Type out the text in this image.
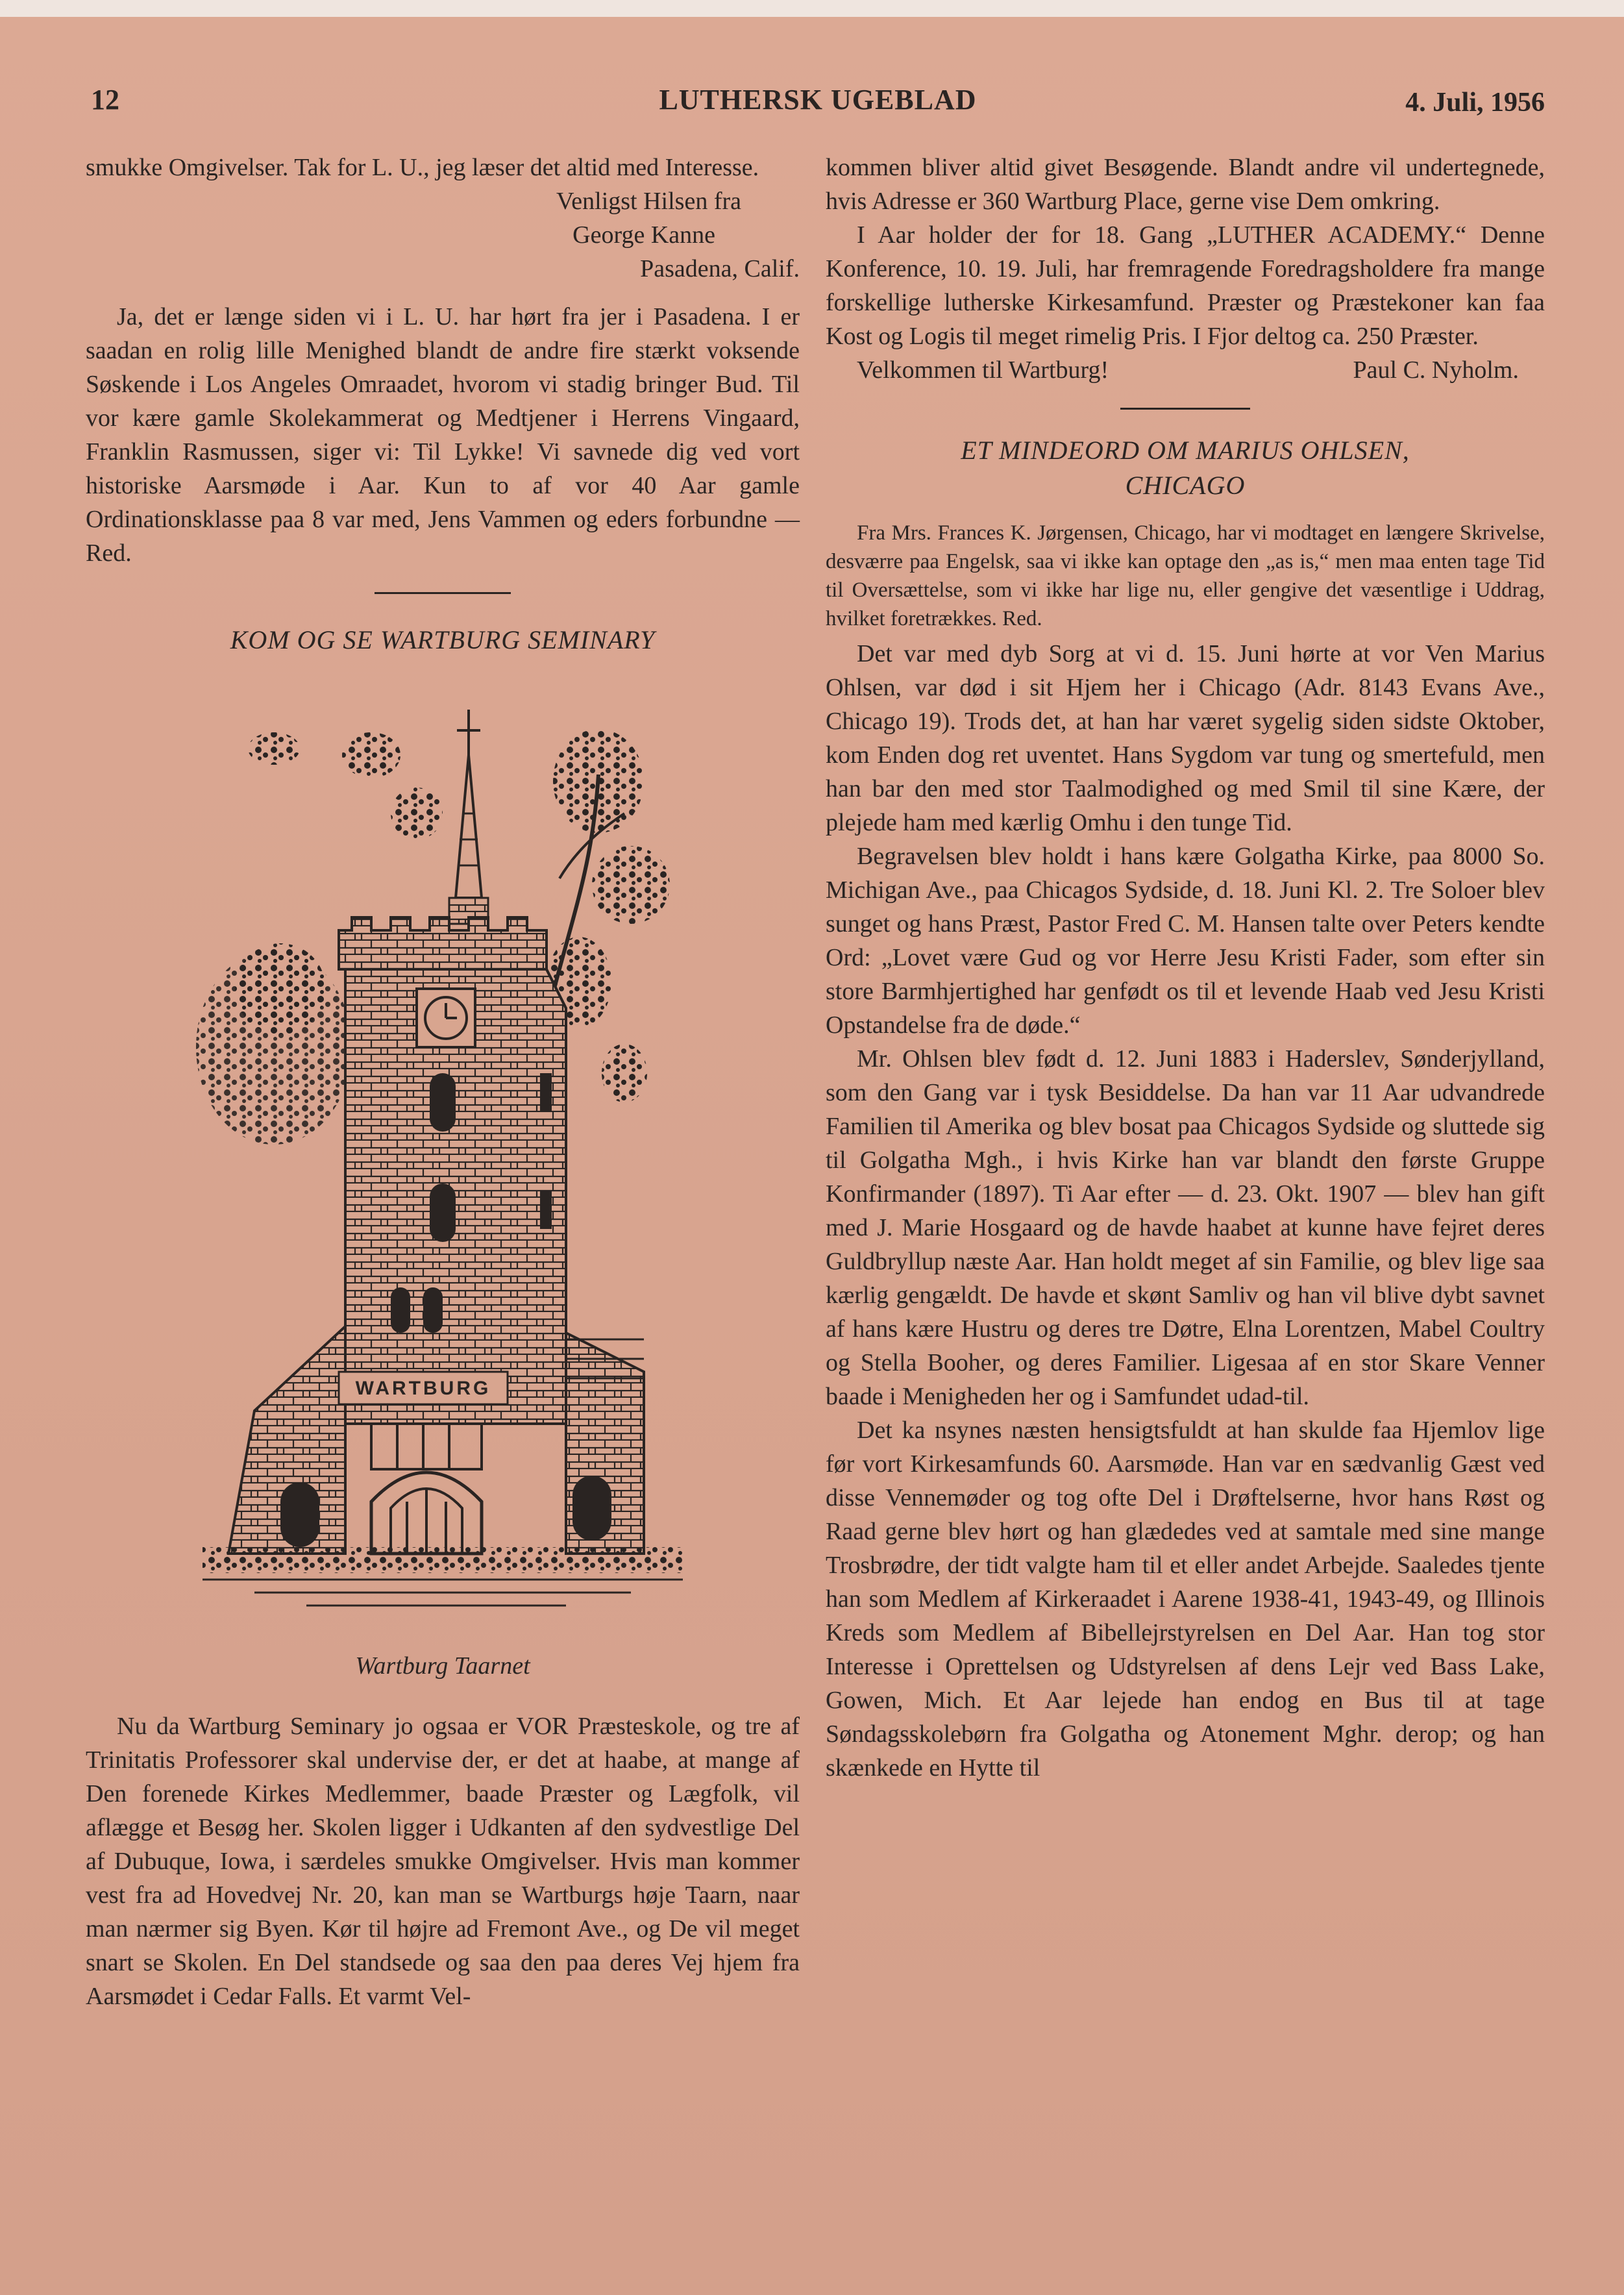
12	LUTHERSK UGEBLAD	4. Juli, 1956

smukke Omgivelser. Tak for L. U., jeg læser det altid med Interesse.

Venligst Hilsen fra
George Kanne
Pasadena, Calif.

Ja, det er længe siden vi i L. U. har hørt fra jer i Pasadena. I er saadan en rolig lille Menighed blandt de andre fire stærkt voksende Søskende i Los Angeles Omraadet, hvorom vi stadig bringer Bud. Til vor kære gamle Skolekammerat og Medtjener i Herrens Vingaard, Franklin Rasmussen, siger vi: Til Lykke! Vi savnede dig ved vort historiske Aarsmøde i Aar. Kun to af vor 40 Aar gamle Ordinationsklasse paa 8 var med, Jens Vammen og eders forbundne — Red.

KOM OG SE WARTBURG SEMINARY
WARTBURG
Wartburg Taarnet

Nu da Wartburg Seminary jo ogsaa er VOR Præsteskole, og tre af Trinitatis Professorer skal undervise der, er det at haabe, at mange af Den forenede Kirkes Medlemmer, baade Præster og Lægfolk, vil aflægge et Besøg her. Skolen ligger i Udkanten af den sydvestlige Del af Dubuque, Iowa, i særdeles smukke Omgivelser. Hvis man kommer vest fra ad Hovedvej Nr. 20, kan man se Wartburgs høje Taarn, naar man nærmer sig Byen. Kør til højre ad Fremont Ave., og De vil meget snart se Skolen. En Del standsede og saa den paa deres Vej hjem fra Aarsmødet i Cedar Falls. Et varmt Vel-

kommen bliver altid givet Besøgende. Blandt andre vil undertegnede, hvis Adresse er 360 Wartburg Place, gerne vise Dem omkring.

I Aar holder der for 18. Gang „LUTHER ACADEMY.“ Denne Konference, 10. 19. Juli, har fremragende Foredragsholdere fra mange forskellige lutherske Kirkesamfund. Præster og Præstekoner kan faa Kost og Logis til meget rimelig Pris. I Fjor deltog ca. 250 Præster.

Velkommen til Wartburg!	Paul C. Nyholm.
ET MINDEORD OM MARIUS OHLSEN,
CHICAGO

Fra Mrs. Frances K. Jørgensen, Chicago, har vi modtaget en længere Skrivelse, desværre paa Engelsk, saa vi ikke kan optage den „as is,“ men maa enten tage Tid til Oversættelse, som vi ikke har lige nu, eller gengive det væsentlige i Uddrag, hvilket foretrækkes. Red.

Det var med dyb Sorg at vi d. 15. Juni hørte at vor Ven Marius Ohlsen, var død i sit Hjem her i Chicago (Adr. 8143 Evans Ave., Chicago 19). Trods det, at han har været sygelig siden sidste Oktober, kom Enden dog ret uventet. Hans Sygdom var tung og smertefuld, men han bar den med stor Taalmodighed og med Smil til sine Kære, der plejede ham med kærlig Omhu i den tunge Tid.

Begravelsen blev holdt i hans kære Golgatha Kirke, paa 8000 So. Michigan Ave., paa Chicagos Sydside, d. 18. Juni Kl. 2. Tre Soloer blev sunget og hans Præst, Pastor Fred C. M. Hansen talte over Peters kendte Ord: „Lovet være Gud og vor Herre Jesu Kristi Fader, som efter sin store Barmhjertighed har genfødt os til et levende Haab ved Jesu Kristi Opstandelse fra de døde.“

Mr. Ohlsen blev født d. 12. Juni 1883 i Haderslev, Sønderjylland, som den Gang var i tysk Besiddelse. Da han var 11 Aar udvandrede Familien til Amerika og blev bosat paa Chicagos Sydside og sluttede sig til Golgatha Mgh., i hvis Kirke han var blandt den første Gruppe Konfirmander (1897). Ti Aar efter — d. 23. Okt. 1907 — blev han gift med J. Marie Hosgaard og de havde haabet at kunne have fejret deres Guldbryllup næste Aar. Han holdt meget af sin Familie, og blev lige saa kærlig gengældt. De havde et skønt Samliv og han vil blive dybt savnet af hans kære Hustru og deres tre Døtre, Elna Lorentzen, Mabel Coultry og Stella Booher, og deres Familier. Ligesaa af en stor Skare Venner baade i Menigheden her og i Samfundet udad-til.

Det ka nsynes næsten hensigtsfuldt at han skulde faa Hjemlov lige før vort Kirkesamfunds 60. Aarsmøde. Han var en sædvanlig Gæst ved disse Vennemøder og tog ofte Del i Drøftelserne, hvor hans Røst og Raad gerne blev hørt og han glædedes ved at samtale med sine mange Trosbrødre, der tidt valgte ham til et eller andet Arbejde. Saaledes tjente han som Medlem af Kirkeraadet i Aarene 1938-41, 1943-49, og Illinois Kreds som Medlem af Bibellejrstyrelsen en Del Aar. Han tog stor Interesse i Oprettelsen og Udstyrelsen af dens Lejr ved Bass Lake, Gowen, Mich. Et Aar lejede han endog en Bus til at tage Søndagsskolebørn fra Golgatha og Atonement Mghr. derop; og han skænkede en Hytte til
